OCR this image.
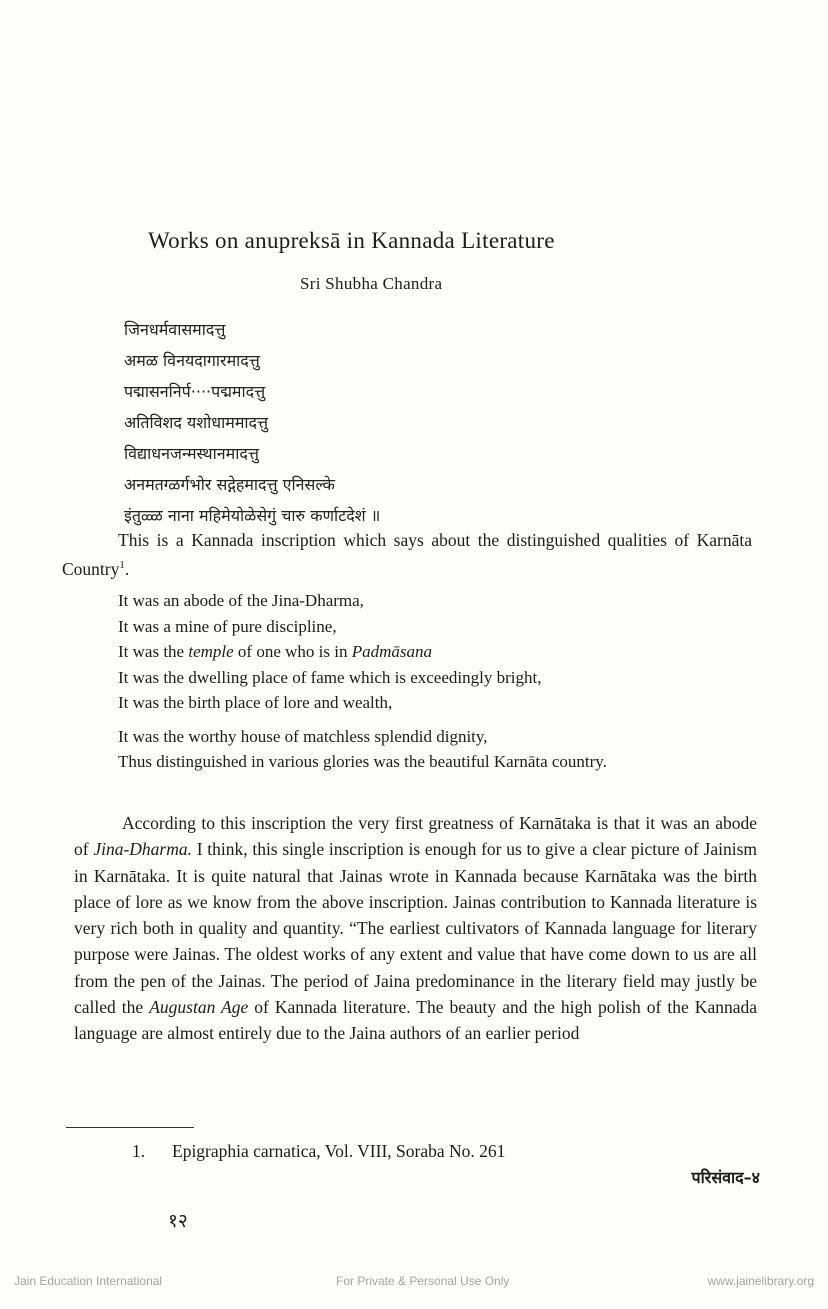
Works on anupreksā in Kannada Literature
Sri Shubha Chandra
जिनधर्मवासमादत्तु
अमळ विनयदागारमादत्तु
पद्मासननिर्प····पद्ममादत्तु
अतिविशद यशोधाममादत्तु
विद्याधनजन्मस्थानमादत्तु
अनमतग्ळर्गभोर सद्गेहमादत्तु एनिसल्के
इंतुळ्ळ नाना महिमेयोळेसेगुं चारु कर्णाटदेशं ॥
This is a Kannada inscription which says about the distinguished qualities of Karnāta Country$^1$.
It was an abode of the Jina-Dharma,
It was a mine of pure discipline,
It was the temple of one who is in Padmāsana
It was the dwelling place of fame which is exceedingly bright,
It was the birth place of lore and wealth,
It was the worthy house of matchless splendid dignity,
Thus distinguished in various glories was the beautiful Karnāta country.
According to this inscription the very first greatness of Karnātaka is that it was an abode of Jina-Dharma. I think, this single inscription is enough for us to give a clear picture of Jainism in Karnātaka. It is quite natural that Jainas wrote in Kannada because Karnātaka was the birth place of lore as we know from the above inscription. Jainas contribution to Kannada literature is very rich both in quality and quantity. “The earliest cultivators of Kannada language for literary purpose were Jainas. The oldest works of any extent and value that have come down to us are all from the pen of the Jainas. The period of Jaina predominance in the literary field may justly be called the Augustan Age of Kannada literature. The beauty and the high polish of the Kannada language are almost entirely due to the Jaina authors of an earlier period
1. Epigraphia carnatica, Vol. VIII, Soraba No. 261
परिसंवाद–४
१२
Jain Education International	For Private & Personal Use Only	www.jainelibrary.org
